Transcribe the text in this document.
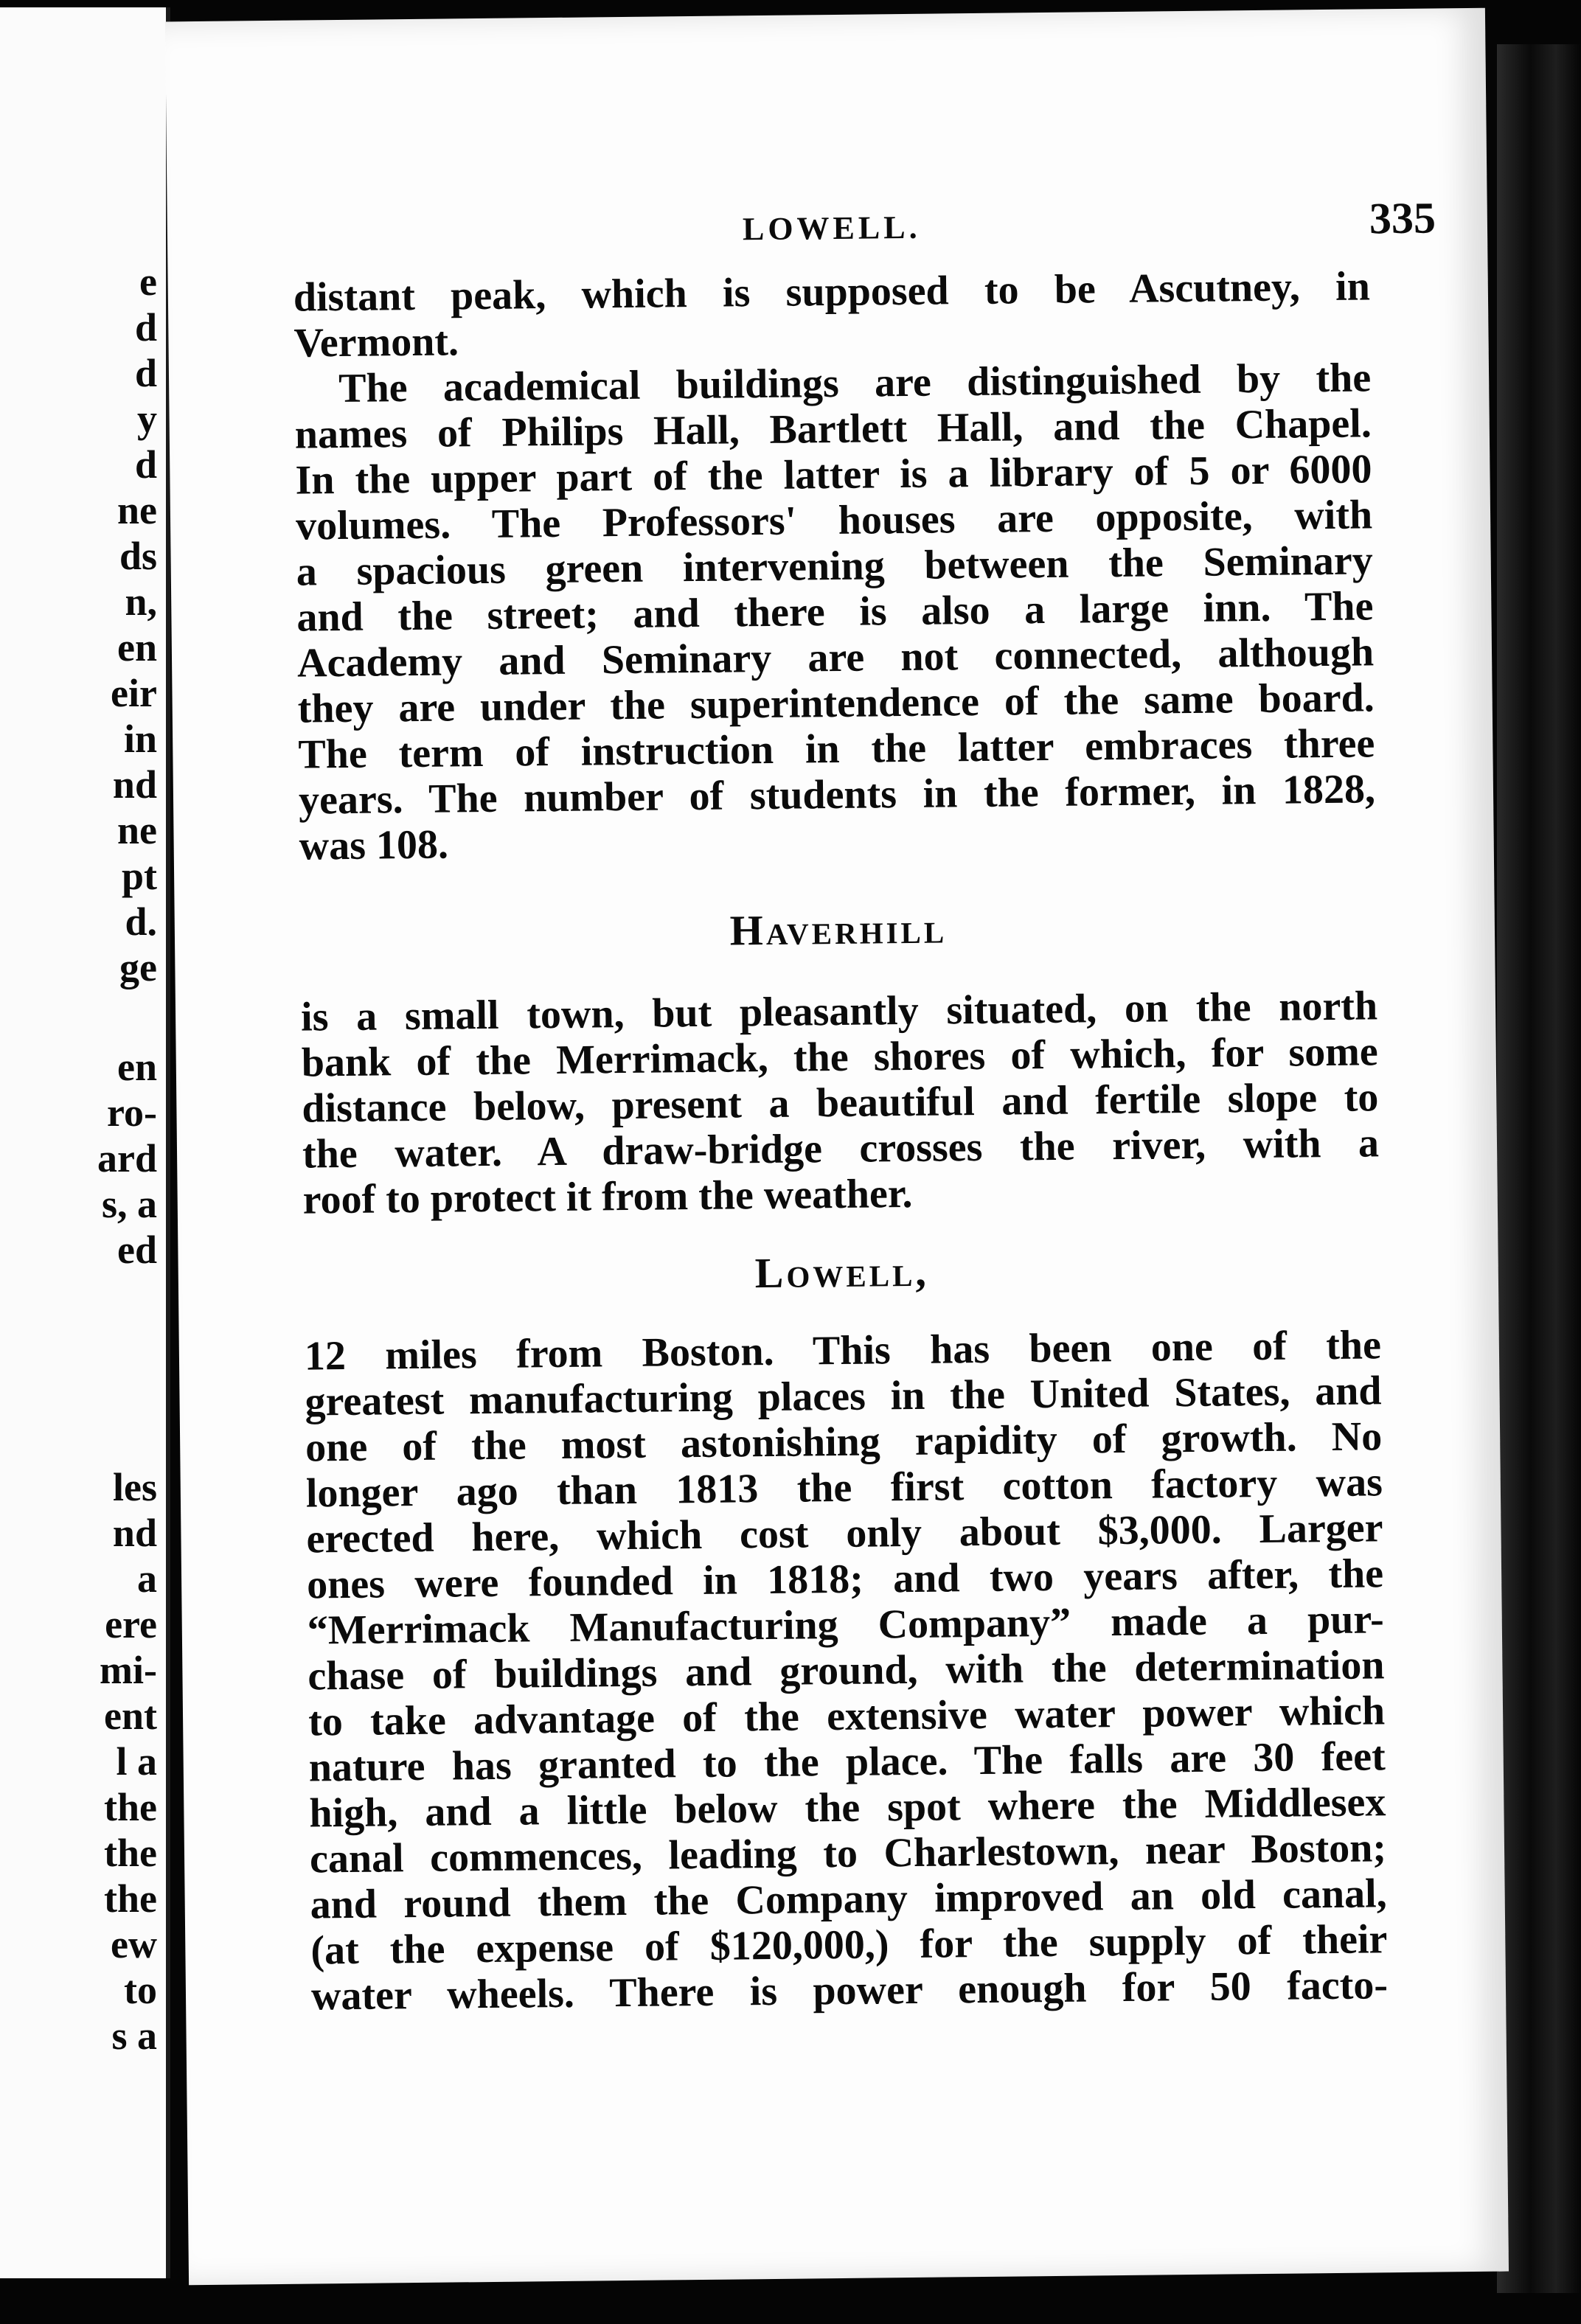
e
d
d
y
d
ne
ds
n,
en
eir
in
nd
ne
pt
d.
ge
en
ro-
ard
s, a
ed
les
nd
a
ere
mi-
ent
l a
the
the
the
ew
to
s a
LOWELL.	335
distant peak, which is supposed to be Ascutney, in
Vermont.
The academical buildings are distinguished by the
names of Philips Hall, Bartlett Hall, and the Chapel.
In the upper part of the latter is a library of 5 or 6000
volumes. The Professors' houses are opposite, with
a spacious green intervening between the Seminary
and the street; and there is also a large inn. The
Academy and Seminary are not connected, although
they are under the superintendence of the same board.
The term of instruction in the latter embraces three
years. The number of students in the former, in 1828,
was 108.
Haverhill
is a small town, but pleasantly situated, on the north
bank of the Merrimack, the shores of which, for some
distance below, present a beautiful and fertile slope to
the water. A draw-bridge crosses the river, with a
roof to protect it from the weather.
Lowell,
12 miles from Boston. This has been one of the
greatest manufacturing places in the United States, and
one of the most astonishing rapidity of growth. No
longer ago than 1813 the first cotton factory was
erected here, which cost only about $3,000. Larger
ones were founded in 1818; and two years after, the
“Merrimack Manufacturing Company” made a pur-
chase of buildings and ground, with the determination
to take advantage of the extensive water power which
nature has granted to the place. The falls are 30 feet
high, and a little below the spot where the Middlesex
canal commences, leading to Charlestown, near Boston;
and round them the Company improved an old canal,
(at the expense of $120,000,) for the supply of their
water wheels. There is power enough for 50 facto-
